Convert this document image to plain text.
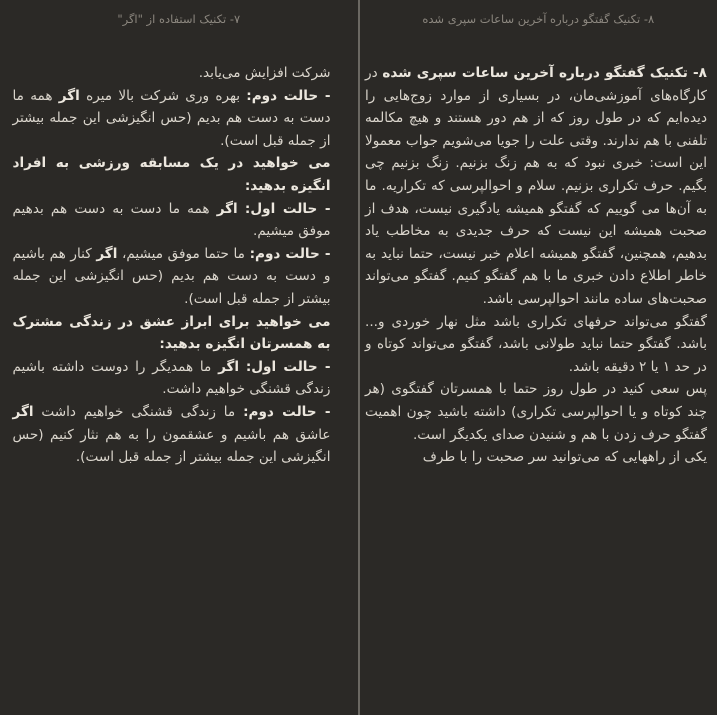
۸- تکنیک گفتگو درباره آخرین ساعات سپری شده

۸- تکنیک گفتگو درباره آخرین ساعات سپری شده در کارگاه‌های آموزشی‌مان، در بسیاری از موارد زوج‌هایی را دیده‌ایم که در طول روز که از هم دور هستند و هیچ مکالمه تلفنی با هم ندارند. وقتی علت را جویا می‌شویم جواب معمولا این است: خبری نبود که به هم زنگ بزنیم. زنگ بزنیم چی بگیم. حرف تکراری بزنیم. سلام و احوالپرسی که تکراریه. ما به آن‌ها می گوییم که گفتگو همیشه یادگیری نیست، هدف از صحبت همیشه این نیست که حرف جدیدی به مخاطب یاد بدهیم، همچنین، گفتگو همیشه اعلام خبر نیست، حتما نباید به خاطر اطلاع دادن خبری ما با هم گفتگو کنیم. گفتگو می‌تواند صحبت‌های ساده مانند احوالپرسی باشد.

گفتگو می‌تواند حرفهای تکراری باشد مثل نهار خوردی و... باشد. گفتگو حتما نباید طولانی باشد، گفتگو می‌تواند کوتاه و در حد ۱ یا ۲ دقیقه باشد.

پس سعی کنید در طول روز حتما با همسرتان گفتگوی (هر چند کوتاه و یا احوالپرسی تکراری) داشته باشید چون اهمیت گفتگو حرف زدن با هم و شنیدن صدای یکدیگر است.

یکی از راههایی که می‌توانید سر صحبت را با طرف

۷- تکنیک استفاده از "اگر"

شرکت افزایش می‌یابد.

- حالت دوم: بهره وری شرکت بالا میره اگر همه ما دست به دست هم بدیم (حس انگیزشی این جمله بیشتر از جمله قبل است).

می خواهید در یک مسابقه ورزشی به افراد انگیزه بدهید:

- حالت اول: اگر همه ما دست به دست هم بدهیم موفق میشیم.

- حالت دوم: ما حتما موفق میشیم، اگر کنار هم باشیم و دست به دست هم بدیم (حس انگیزشی این جمله بیشتر از جمله قبل است).

می خواهید برای ابراز عشق در زندگی مشترک به همسرتان انگیزه بدهید:

- حالت اول: اگر ما همدیگر را دوست داشته باشیم زندگی قشنگی خواهیم داشت.

- حالت دوم: ما زندگی قشنگی خواهیم داشت اگر عاشق هم باشیم و عشقمون را به هم نثار کنیم (حس انگیزشی این جمله بیشتر از جمله قبل است).
